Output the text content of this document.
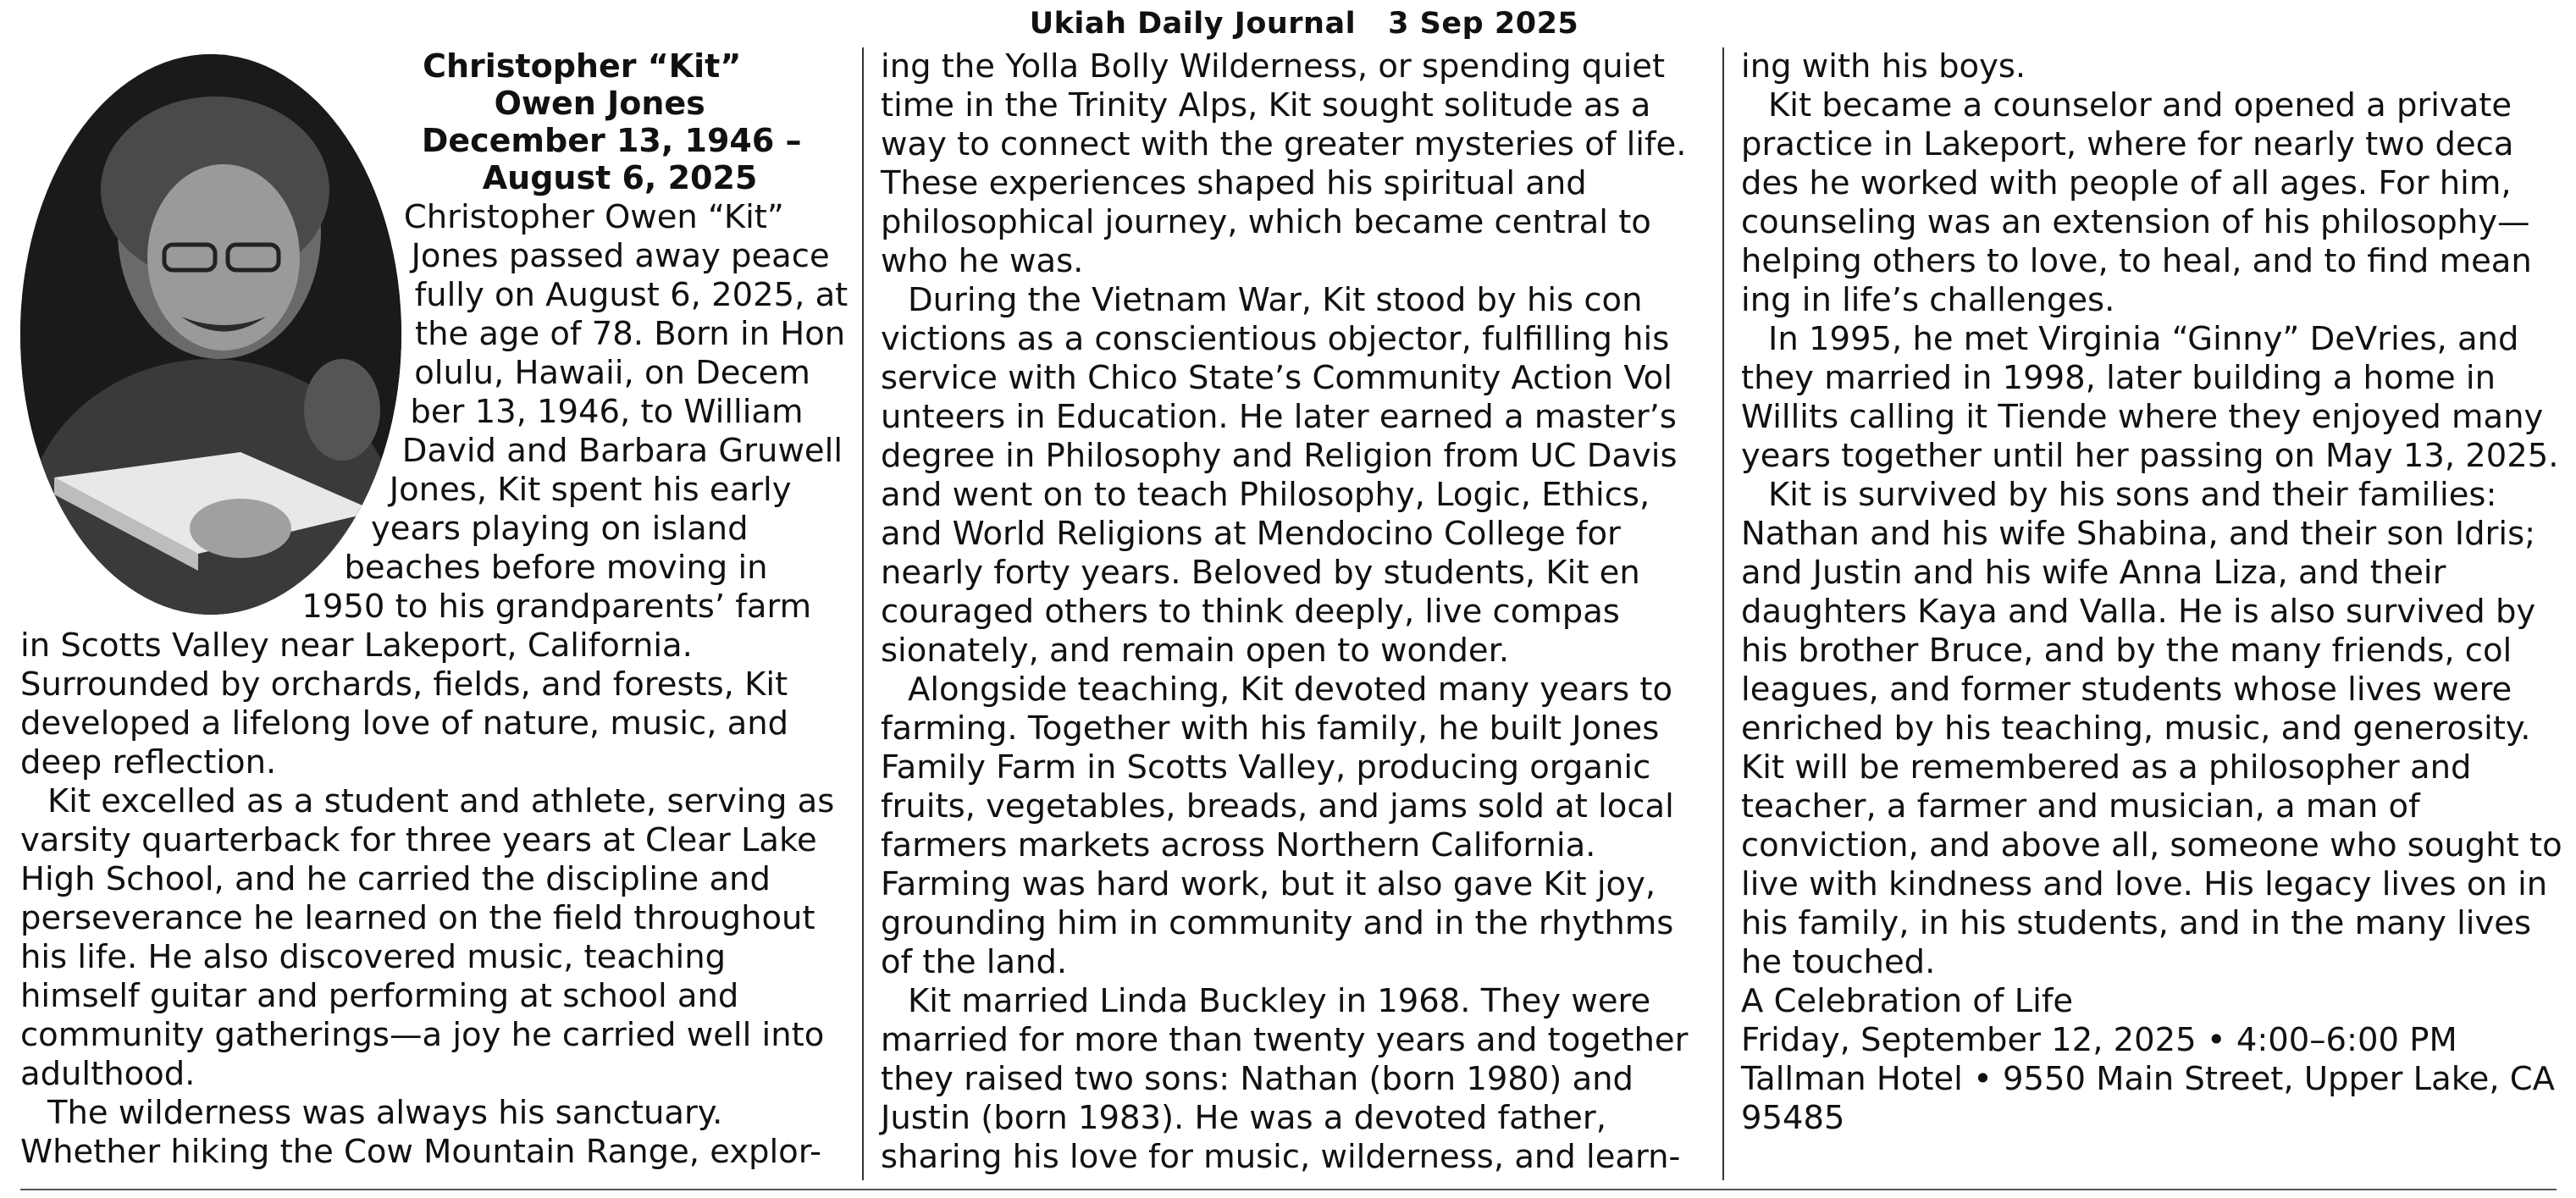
Ukiah Daily Journal 3 Sep 2025
Christopher “Kit”
Owen Jones
December 13, 1946 –
August 6, 2025

Christopher Owen “Kit” Jones passed away peace fully on August 6, 2025, at the age of 78. Born in Hon olulu, Hawaii, on Decem ber 13, 1946, to William David and Barbara Gruwell Jones, Kit spent his early years playing on island beaches before moving in 1950 to his grandparents’ farm in Scotts Valley near Lakeport, California. Surrounded by orchards, fields, and forests, Kit developed a lifelong love of nature, music, and deep reflection.

Kit excelled as a student and athlete, serving as varsity quarterback for three years at Clear Lake High School, and he carried the discipline and perseverance he learned on the field throughout his life. He also discovered music, teaching himself guitar and performing at school and community gatherings—a joy he carried well into adulthood.

The wilderness was always his sanctuary. Whether hiking the Cow Mountain Range, explor-

ing the Yolla Bolly Wilderness, or spending quiet time in the Trinity Alps, Kit sought solitude as a way to connect with the greater mysteries of life. These experiences shaped his spiritual and philosophical journey, which became central to who he was.

During the Vietnam War, Kit stood by his con victions as a conscientious objector, fulfilling his service with Chico State’s Community Action Vol unteers in Education. He later earned a master’s degree in Philosophy and Religion from UC Davis and went on to teach Philosophy, Logic, Ethics, and World Religions at Mendocino College for nearly forty years. Beloved by students, Kit en couraged others to think deeply, live compas sionately, and remain open to wonder.

Alongside teaching, Kit devoted many years to farming. Together with his family, he built Jones Family Farm in Scotts Valley, producing organic fruits, vegetables, breads, and jams sold at local farmers markets across Northern California. Farming was hard work, but it also gave Kit joy, grounding him in community and in the rhythms of the land.

Kit married Linda Buckley in 1968. They were married for more than twenty years and together they raised two sons: Nathan (born 1980) and Justin (born 1983). He was a devoted father, sharing his love for music, wilderness, and learn-

ing with his boys.

Kit became a counselor and opened a private practice in Lakeport, where for nearly two deca des he worked with people of all ages. For him, counseling was an extension of his philosophy— helping others to love, to heal, and to find mean ing in life’s challenges.

In 1995, he met Virginia “Ginny” DeVries, and they married in 1998, later building a home in Willits calling it Tiende where they enjoyed many years together until her passing on May 13, 2025.

Kit is survived by his sons and their families: Nathan and his wife Shabina, and their son Idris; and Justin and his wife Anna Liza, and their daughters Kaya and Valla. He is also survived by his brother Bruce, and by the many friends, col leagues, and former students whose lives were enriched by his teaching, music, and generosity. Kit will be remembered as a philosopher and teacher, a farmer and musician, a man of conviction, and above all, someone who sought to live with kindness and love. His legacy lives on in his family, in his students, and in the many lives he touched.

A Celebration of Life

Friday, September 12, 2025 • 4:00–6:00 PM

Tallman Hotel • 9550 Main Street, Upper Lake, CA 95485
